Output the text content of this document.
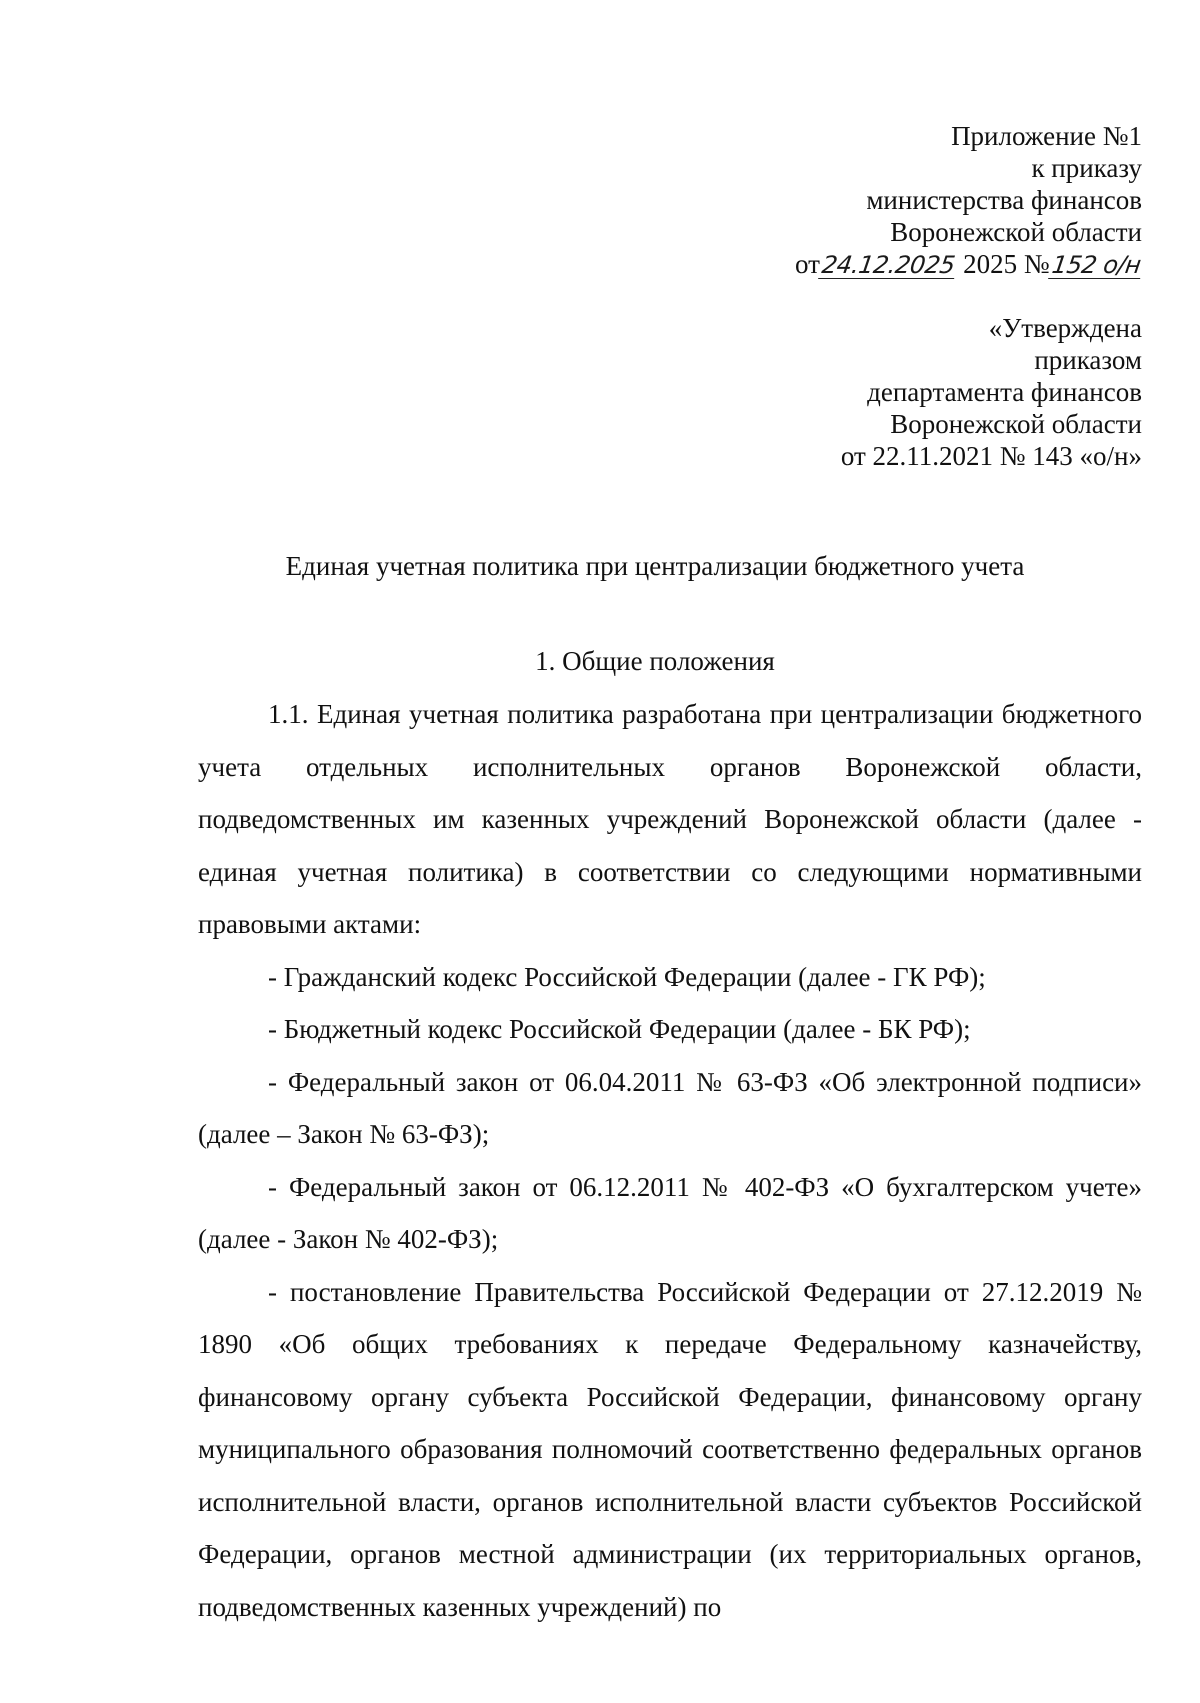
Приложение №1
к приказу
министерства финансов
Воронежской области
от24.12.2025 2025 №152 о/н
«Утверждена
приказом
департамента финансов
Воронежской области
от 22.11.2021 № 143 «о/н»
Единая учетная политика при централизации бюджетного учета
1. Общие положения

1.1. Единая учетная политика разработана при централизации бюджетного учета отдельных исполнительных органов Воронежской области, подведомственных им казенных учреждений Воронежской области (далее - единая учетная политика) в соответствии со следующими нормативными правовыми актами:

- Гражданский кодекс Российской Федерации (далее - ГК РФ);

- Бюджетный кодекс Российской Федерации (далее - БК РФ);

- Федеральный закон от 06.04.2011 № 63-ФЗ «Об электронной подписи» (далее – Закон № 63-ФЗ);

- Федеральный закон от 06.12.2011 № 402-ФЗ «О бухгалтерском учете» (далее - Закон № 402-ФЗ);

- постановление Правительства Российской Федерации от 27.12.2019 № 1890 «Об общих требованиях к передаче Федеральному казначейству, финансовому органу субъекта Российской Федерации, финансовому органу муниципального образования полномочий соответственно федеральных органов исполнительной власти, органов исполнительной власти субъектов Российской Федерации, органов местной администрации (их территориальных органов, подведомственных казенных учреждений) по
